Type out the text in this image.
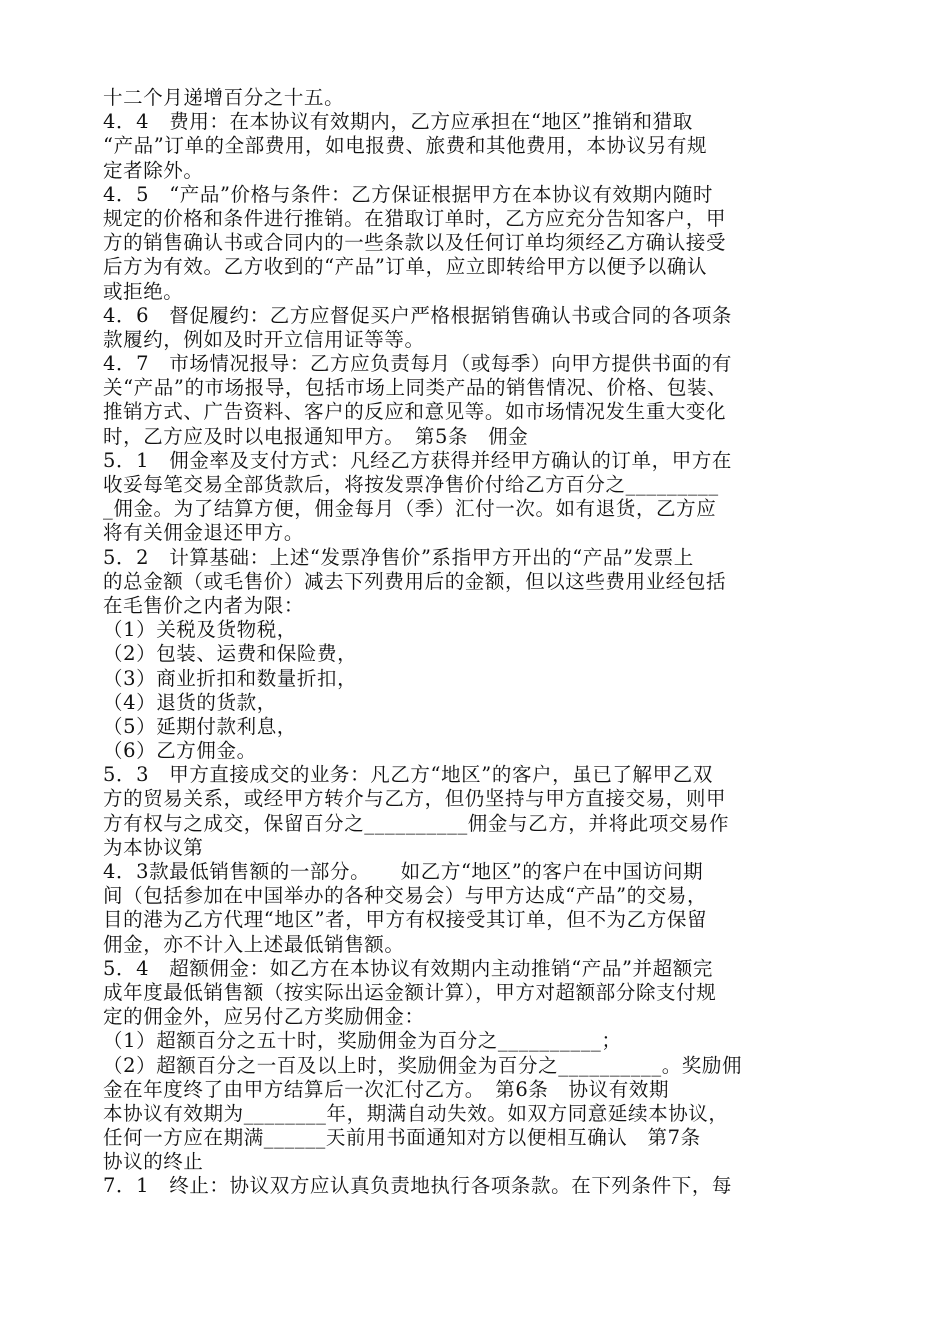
十二个月递增百分之十五。
4．4　费用：在本协议有效期内，乙方应承担在“地区”推销和猎取
“产品”订单的全部费用，如电报费、旅费和其他费用，本协议另有规
定者除外。
4．5　“产品”价格与条件：乙方保证根据甲方在本协议有效期内随时
规定的价格和条件进行推销。在猎取订单时，乙方应充分告知客户，甲
方的销售确认书或合同内的一些条款以及任何订单均须经乙方确认接受
后方为有效。乙方收到的“产品”订单，应立即转给甲方以便予以确认
或拒绝。
4．6　督促履约：乙方应督促买户严格根据销售确认书或合同的各项条
款履约，例如及时开立信用证等等。
4．7　市场情况报导：乙方应负责每月（或每季）向甲方提供书面的有
关“产品”的市场报导，包括市场上同类产品的销售情况、价格、包装、
推销方式、广告资料、客户的反应和意见等。如市场情况发生重大变化
时，乙方应及时以电报通知甲方。　第5条　佣金
5．1　佣金率及支付方式：凡经乙方获得并经甲方确认的订单，甲方在
收妥每笔交易全部货款后，将按发票净售价付给乙方百分之_________
_佣金。为了结算方便，佣金每月（季）汇付一次。如有退货，乙方应
将有关佣金退还甲方。
5．2　计算基础：上述“发票净售价”系指甲方开出的“产品”发票上
的总金额（或毛售价）减去下列费用后的金额，但以这些费用业经包括
在毛售价之内者为限：
（1）关税及货物税，
（2）包装、运费和保险费，
（3）商业折扣和数量折扣，
（4）退货的货款，
（5）延期付款利息，
（6）乙方佣金。
5．3　甲方直接成交的业务：凡乙方“地区”的客户，虽已了解甲乙双
方的贸易关系，或经甲方转介与乙方，但仍坚持与甲方直接交易，则甲
方有权与之成交，保留百分之__________佣金与乙方，并将此项交易作
为本协议第
4．3款最低销售额的一部分。　　如乙方“地区”的客户在中国访问期
间（包括参加在中国举办的各种交易会）与甲方达成“产品”的交易，
目的港为乙方代理“地区”者，甲方有权接受其订单，但不为乙方保留
佣金，亦不计入上述最低销售额。
5．4　超额佣金：如乙方在本协议有效期内主动推销“产品”并超额完
成年度最低销售额（按实际出运金额计算），甲方对超额部分除支付规
定的佣金外，应另付乙方奖励佣金：
（1）超额百分之五十时，奖励佣金为百分之__________；
（2）超额百分之一百及以上时，奖励佣金为百分之__________。奖励佣
金在年度终了由甲方结算后一次汇付乙方。　第6条　协议有效期
本协议有效期为________年，期满自动失效。如双方同意延续本协议，
任何一方应在期满______天前用书面通知对方以便相互确认　第7条
协议的终止
7．1　终止：协议双方应认真负责地执行各项条款。在下列条件下，每
